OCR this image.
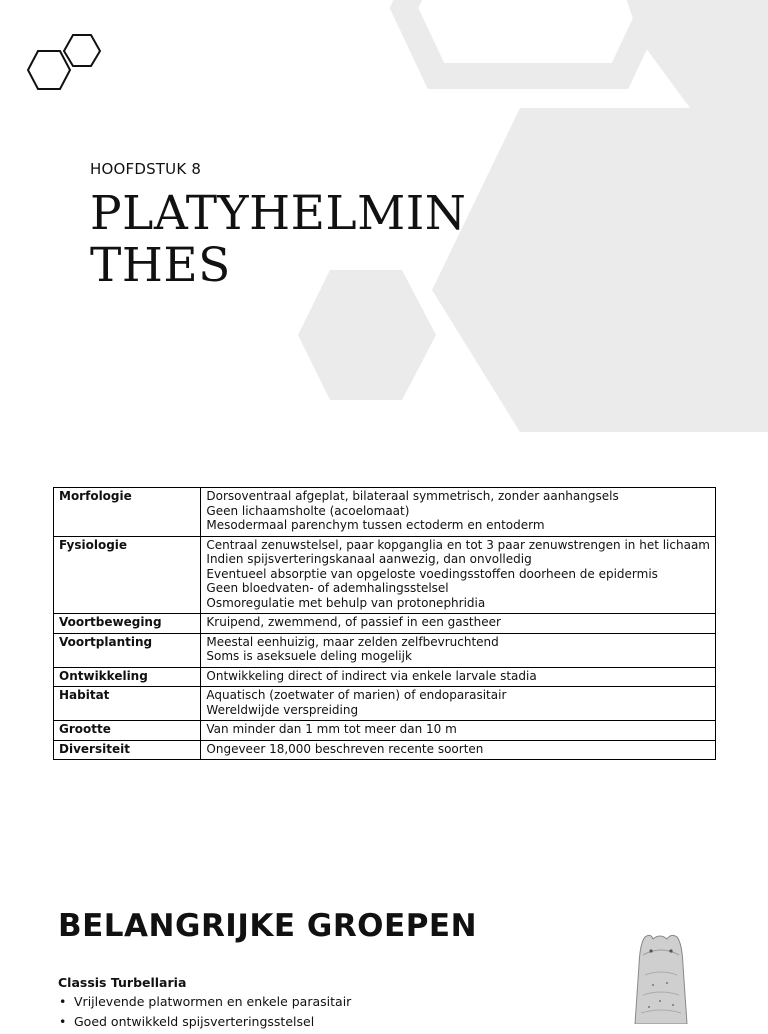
HOOFDSTUK 8
PLATYHELMINTHES
Morfologie	Dorsoventraal afgeplat, bilateraal symmetrisch, zonder aanhangsels
Geen lichaamsholte (acoelomaat)
Mesodermaal parenchym tussen ectoderm en entoderm

Fysiologie	Centraal zenuwstelsel, paar kopganglia en tot 3 paar zenuwstrengen in het lichaam
Indien spijsverteringskanaal aanwezig, dan onvolledig
Eventueel absorptie van opgeloste voedingsstoffen doorheen de epidermis
Geen bloedvaten- of ademhalingsstelsel
Osmoregulatie met behulp van protonephridia

Voortbeweging	Kruipend, zwemmend, of passief in een gastheer

Voortplanting	Meestal eenhuizig, maar zelden zelfbevruchtend
Soms is aseksuele deling mogelijk

Ontwikkeling	Ontwikkeling direct of indirect via enkele larvale stadia

Habitat	Aquatisch (zoetwater of marien) of endoparasitair
Wereldwijde verspreiding

Grootte	Van minder dan 1 mm tot meer dan 10 m

Diversiteit	Ongeveer 18,000 beschreven recente soorten
BELANGRIJKE GROEPEN
Classis Turbellaria
• Vrijlevende platwormen en enkele parasitair
• Goed ontwikkeld spijsverteringsstelsel
